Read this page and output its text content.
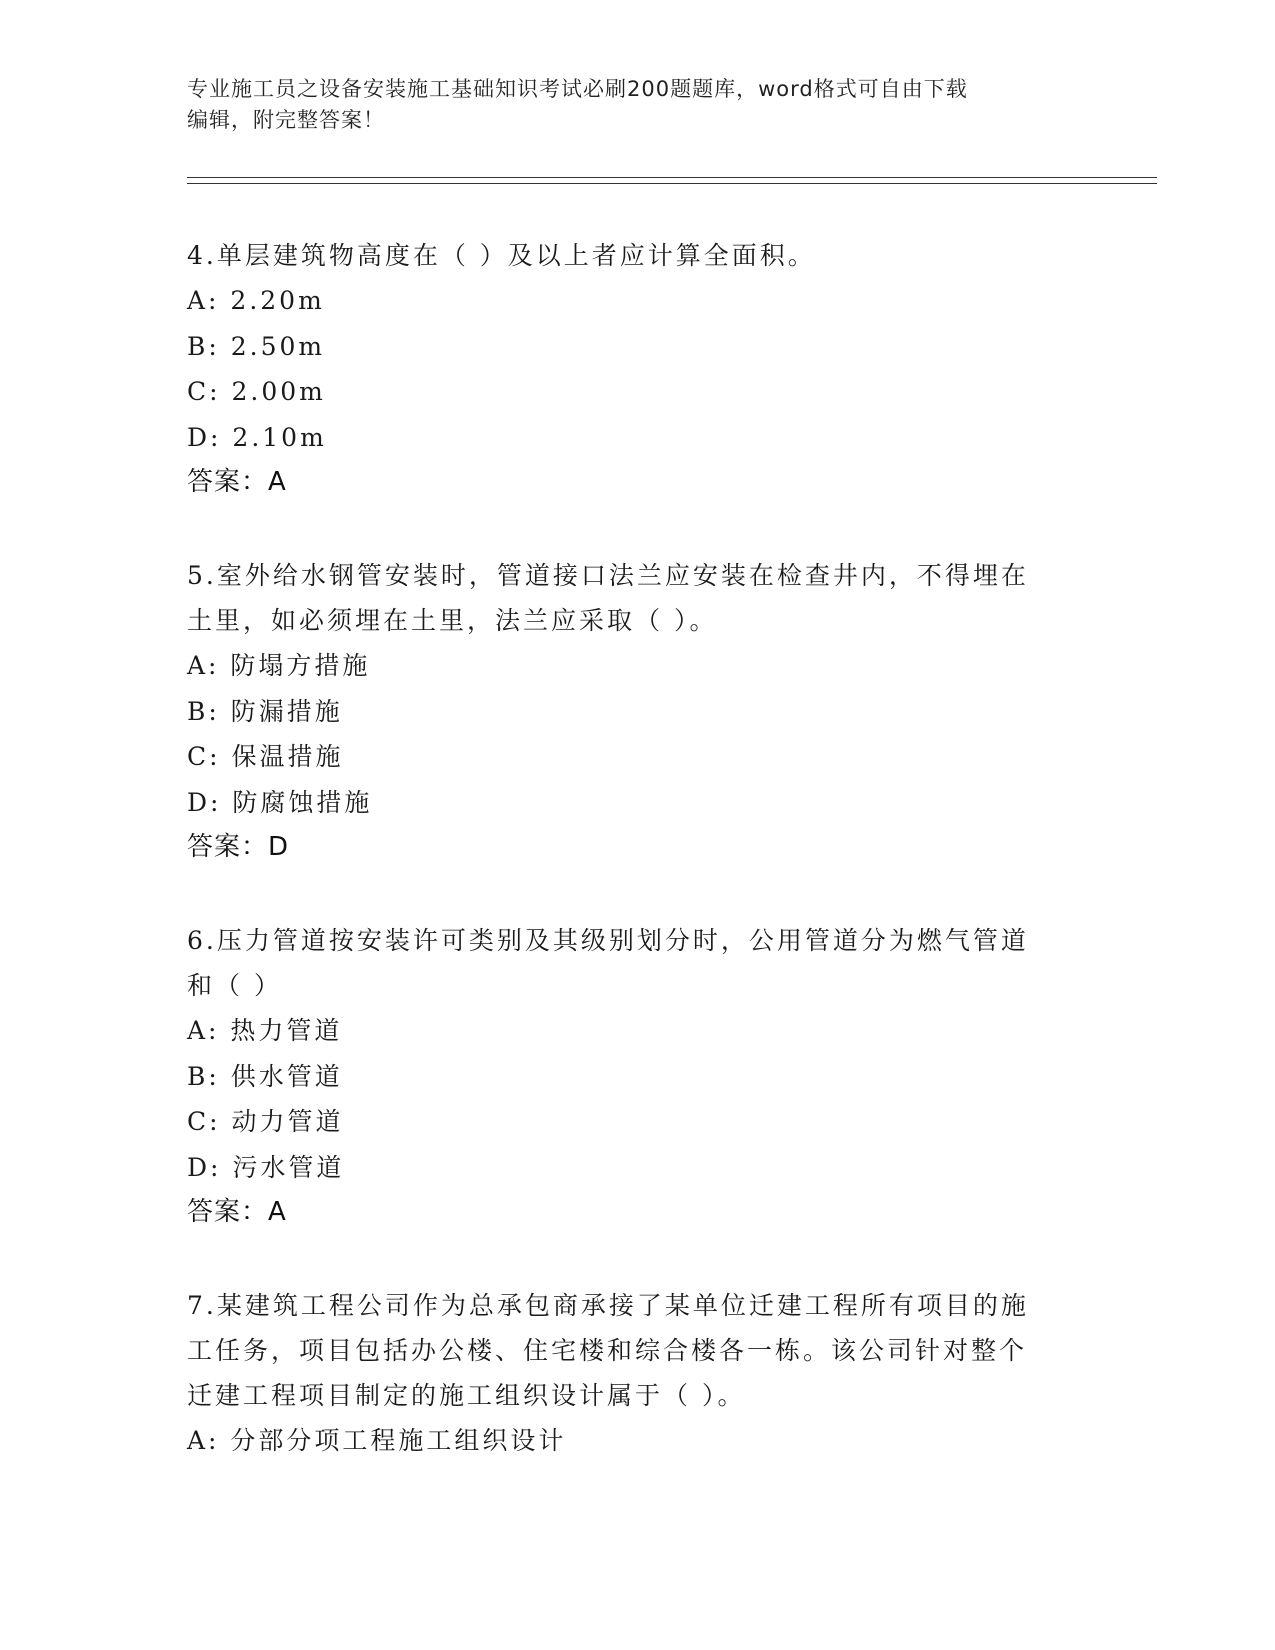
专业施工员之设备安装施工基础知识考试必刷200题题库，word格式可自由下载
编辑，附完整答案！

4.单层建筑物高度在（ ）及以上者应计算全面积。

A: 2.20m

B: 2.50m

C: 2.00m

D: 2.10m

答案：A

5.室外给水钢管安装时，管道接口法兰应安装在检查井内，不得埋在
土里，如必须埋在土里，法兰应采取（ ）。

A: 防塌方措施

B: 防漏措施

C: 保温措施

D: 防腐蚀措施

答案：D

6.压力管道按安装许可类别及其级别划分时，公用管道分为燃气管道
和（ ）

A: 热力管道

B: 供水管道

C: 动力管道

D: 污水管道

答案：A

7.某建筑工程公司作为总承包商承接了某单位迁建工程所有项目的施
工任务，项目包括办公楼、住宅楼和综合楼各一栋。该公司针对整个
迁建工程项目制定的施工组织设计属于（ ）。

A: 分部分项工程施工组织设计
